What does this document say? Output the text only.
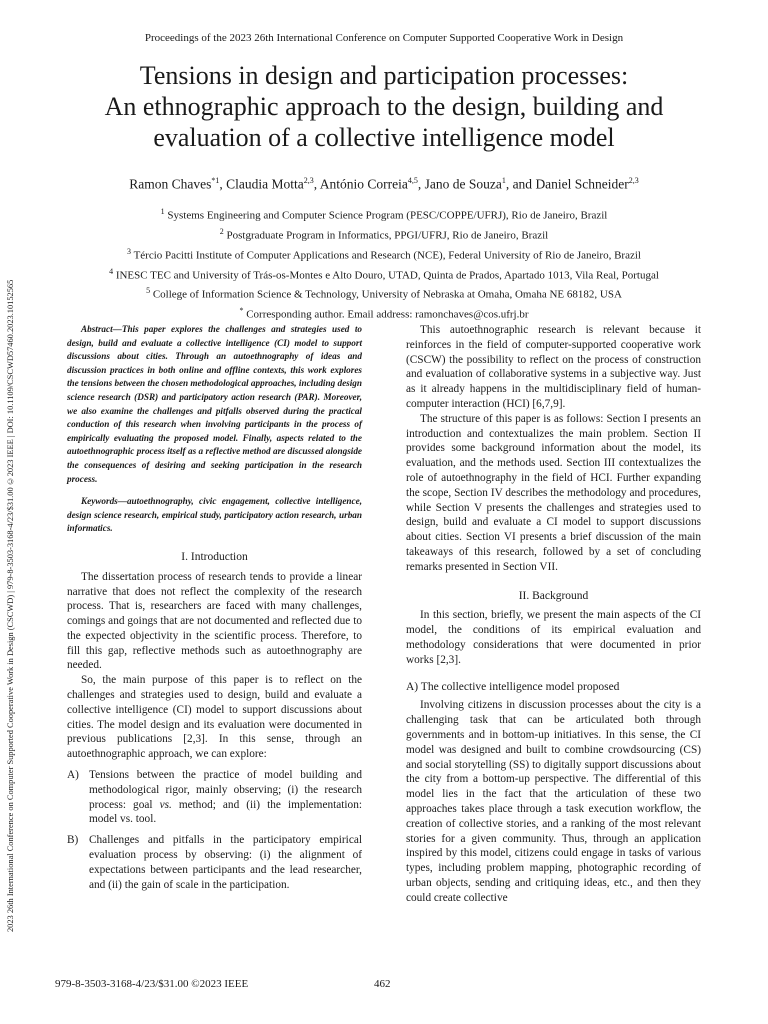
Proceedings of the 2023 26th International Conference on Computer Supported Cooperative Work in Design
2023 26th International Conference on Computer Supported Cooperative Work in Design (CSCWD) | 979-8-3503-3168-4/23/$31.00 ©2023 IEEE | DOI: 10.1109/CSCWD57460.2023.10152565
Tensions in design and participation processes:
An ethnographic approach to the design, building and
evaluation of a collective intelligence model
Ramon Chaves$^{*1}$, Claudia Motta$^{2,3}$, António Correia$^{4,5}$, Jano de Souza$^1$, and Daniel Schneider$^{2,3}$
$^1$ Systems Engineering and Computer Science Program (PESC/COPPE/UFRJ), Rio de Janeiro, Brazil
$^2$ Postgraduate Program in Informatics, PPGI/UFRJ, Rio de Janeiro, Brazil
$^3$ Tércio Pacitti Institute of Computer Applications and Research (NCE), Federal University of Rio de Janeiro, Brazil
$^4$ INESC TEC and University of Trás-os-Montes e Alto Douro, UTAD, Quinta de Prados, Apartado 1013, Vila Real, Portugal
$^5$ College of Information Science & Technology, University of Nebraska at Omaha, Omaha NE 68182, USA
* Corresponding author. Email address: ramonchaves@cos.ufrj.br

Abstract—This paper explores the challenges and strategies used to design, build and evaluate a collective intelligence (CI) model to support discussions about cities. Through an autoethnography of ideas and discussion practices in both online and offline contexts, this work explores the tensions between the chosen methodological approaches, including design science research (DSR) and participatory action research (PAR). Moreover, we also examine the challenges and pitfalls observed during the practical conduction of this research when involving participants in the process of empirically evaluating the proposed model. Finally, aspects related to the autoethnographic process itself as a reflective method are discussed alongside the consequences of desiring and seeking participation in the research process.

Keywords—autoethnography, civic engagement, collective intelligence, design science research, empirical study, participatory action research, urban informatics.

I. Introduction

The dissertation process of research tends to provide a linear narrative that does not reflect the complexity of the research process. That is, researchers are faced with many challenges, comings and goings that are not documented and reflected due to the expected objectivity in the scientific process. Therefore, to fill this gap, reflective methods such as autoethnography are needed.

So, the main purpose of this paper is to reflect on the challenges and strategies used to design, build and evaluate a collective intelligence (CI) model to support discussions about cities. The model design and its evaluation were documented in previous publications [2,3]. In this sense, through an autoethnographic approach, we can explore:

A) Tensions between the practice of model building and methodological rigor, mainly observing; (i) the research process: goal vs. method; and (ii) the implementation: model vs. tool.
B) Challenges and pitfalls in the participatory empirical evaluation process by observing: (i) the alignment of expectations between participants and the lead researcher, and (ii) the gain of scale in the participation.

This autoethnographic research is relevant because it reinforces in the field of computer-supported cooperative work (CSCW) the possibility to reflect on the process of construction and evaluation of collaborative systems in a subjective way. Just as it already happens in the multidisciplinary field of human-computer interaction (HCI) [6,7,9].

The structure of this paper is as follows: Section I presents an introduction and contextualizes the main problem. Section II provides some background information about the model, its evaluation, and the methods used. Section III contextualizes the role of autoethnography in the field of HCI. Further expanding the scope, Section IV describes the methodology and procedures, while Section V presents the challenges and strategies used to design, build and evaluate a CI model to support discussions about cities. Section VI presents a brief discussion of the main takeaways of this research, followed by a set of concluding remarks presented in Section VII.

II. Background

In this section, briefly, we present the main aspects of the CI model, the conditions of its empirical evaluation and methodology considerations that were documented in prior works [2,3].

A) The collective intelligence model proposed

Involving citizens in discussion processes about the city is a challenging task that can be articulated both through governments and in bottom-up initiatives. In this sense, the CI model was designed and built to combine crowdsourcing (CS) and social storytelling (SS) to digitally support discussions about the city from a bottom-up perspective. The differential of this model lies in the fact that the articulation of these two approaches takes place through a task execution workflow, the creation of collective stories, and a ranking of the most relevant stories for a given community. Thus, through an application inspired by this model, citizens could engage in tasks of various types, including problem mapping, photographic recording of urban objects, sending and critiquing ideas, etc., and then they could create collective

979-8-3503-3168-4/23/$31.00 ©2023 IEEE	462
